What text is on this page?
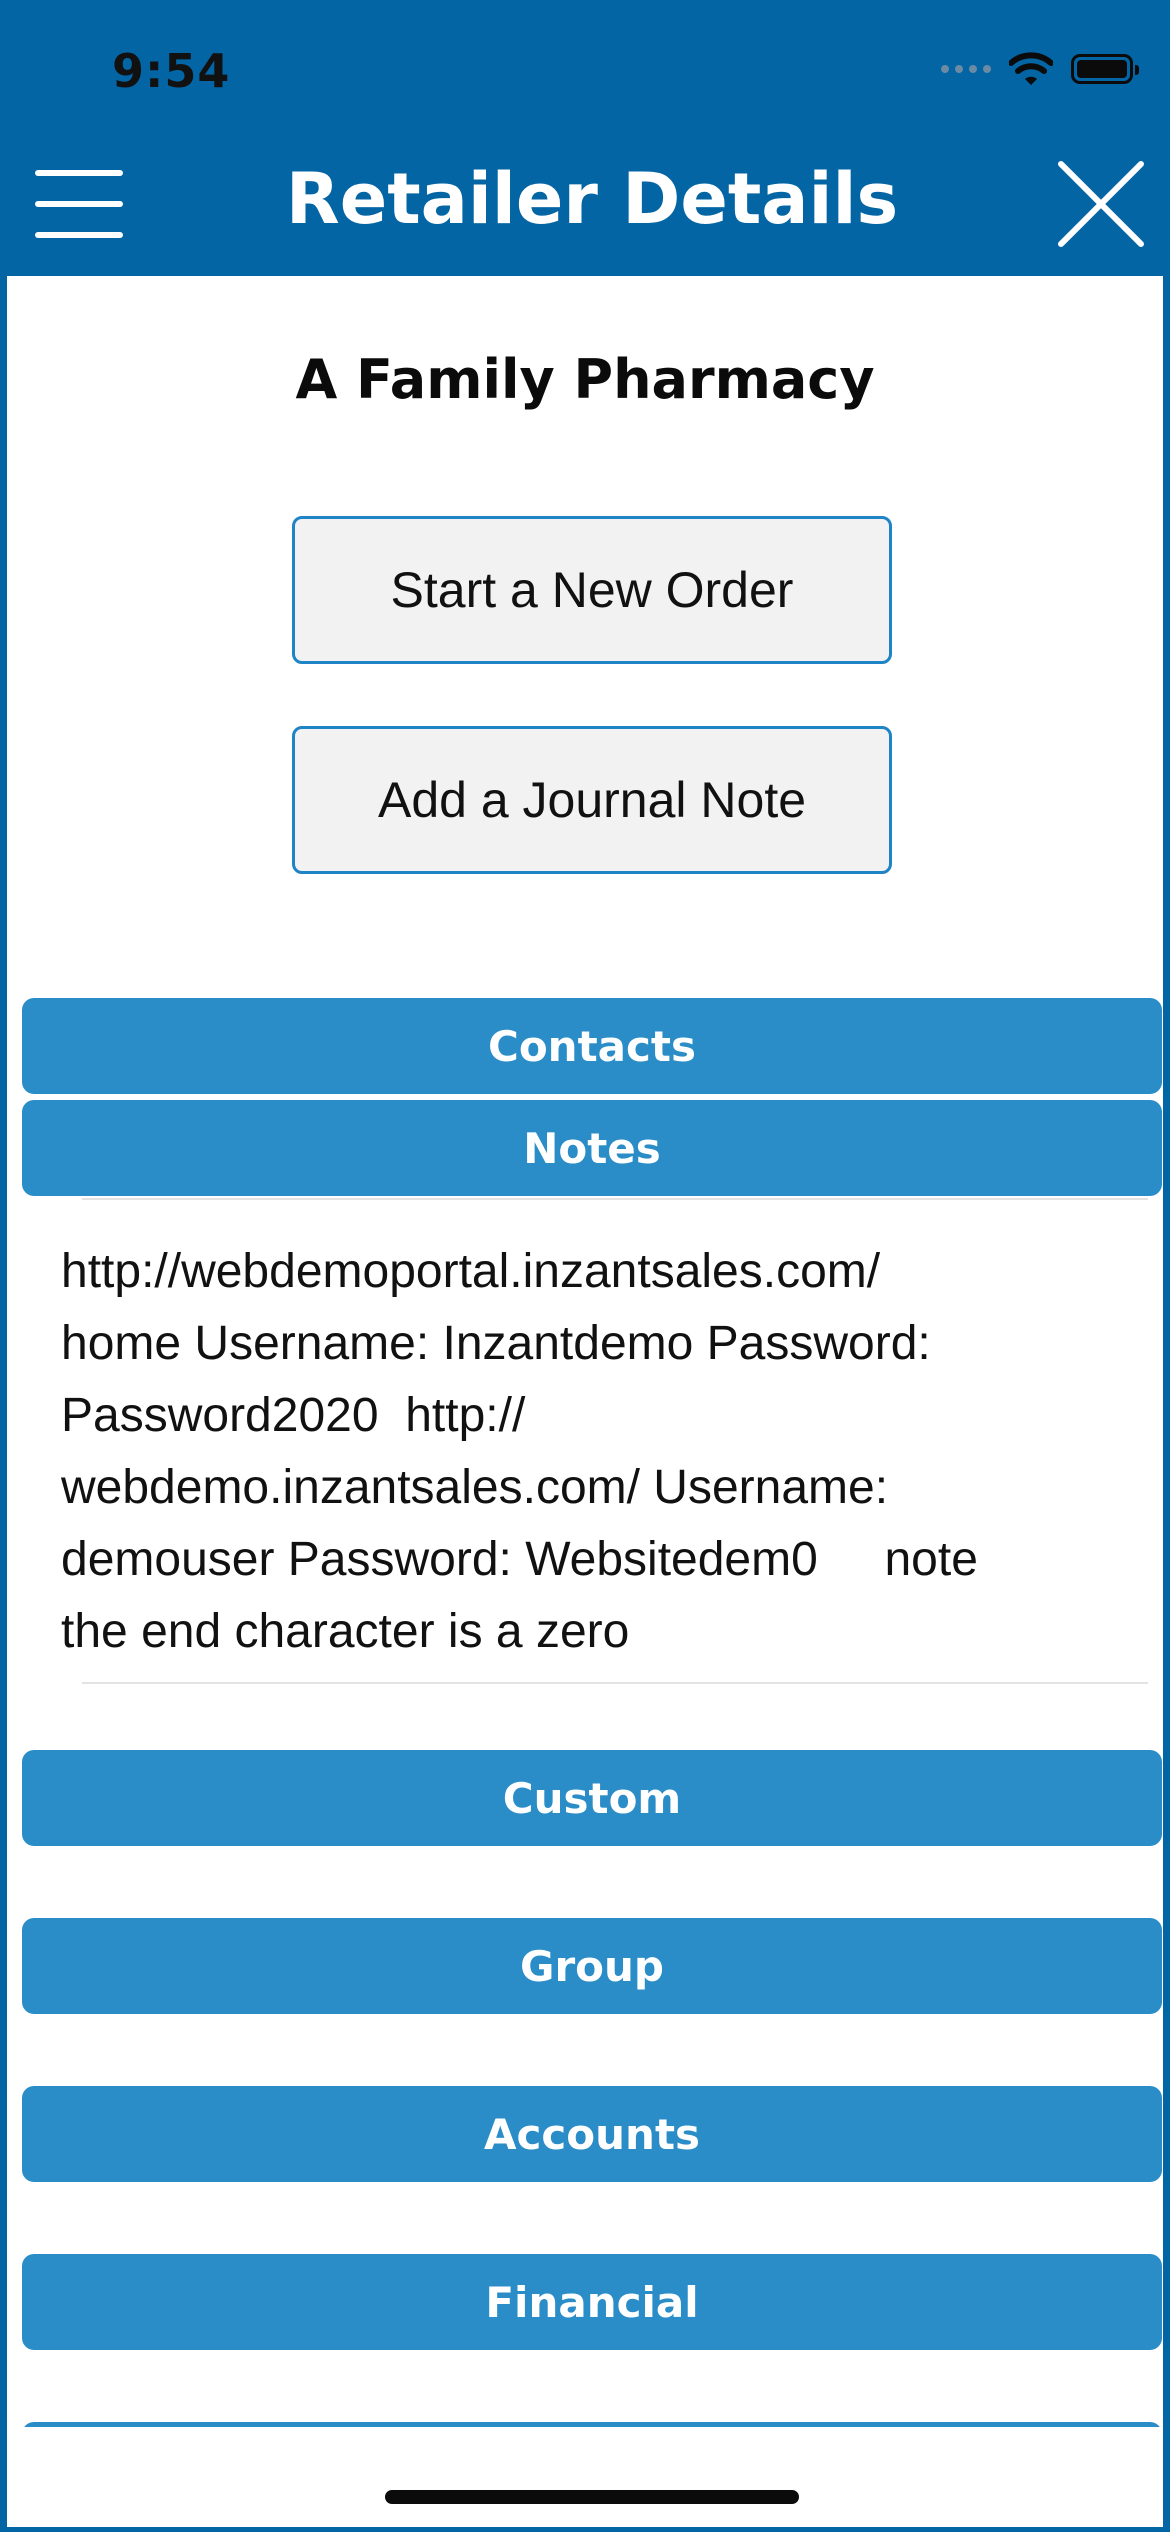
9:54
Retailer Details
A Family Pharmacy
Start a New Order
Add a Journal Note
Contacts
Notes

http://webdemoportal.inzantsales.com/
home Username: Inzantdemo Password:
Password2020  http://
webdemo.inzantsales.com/ Username:
demouser Password: Websitedem0     note
the end character is a zero

Custom
Group
Accounts
Financial
